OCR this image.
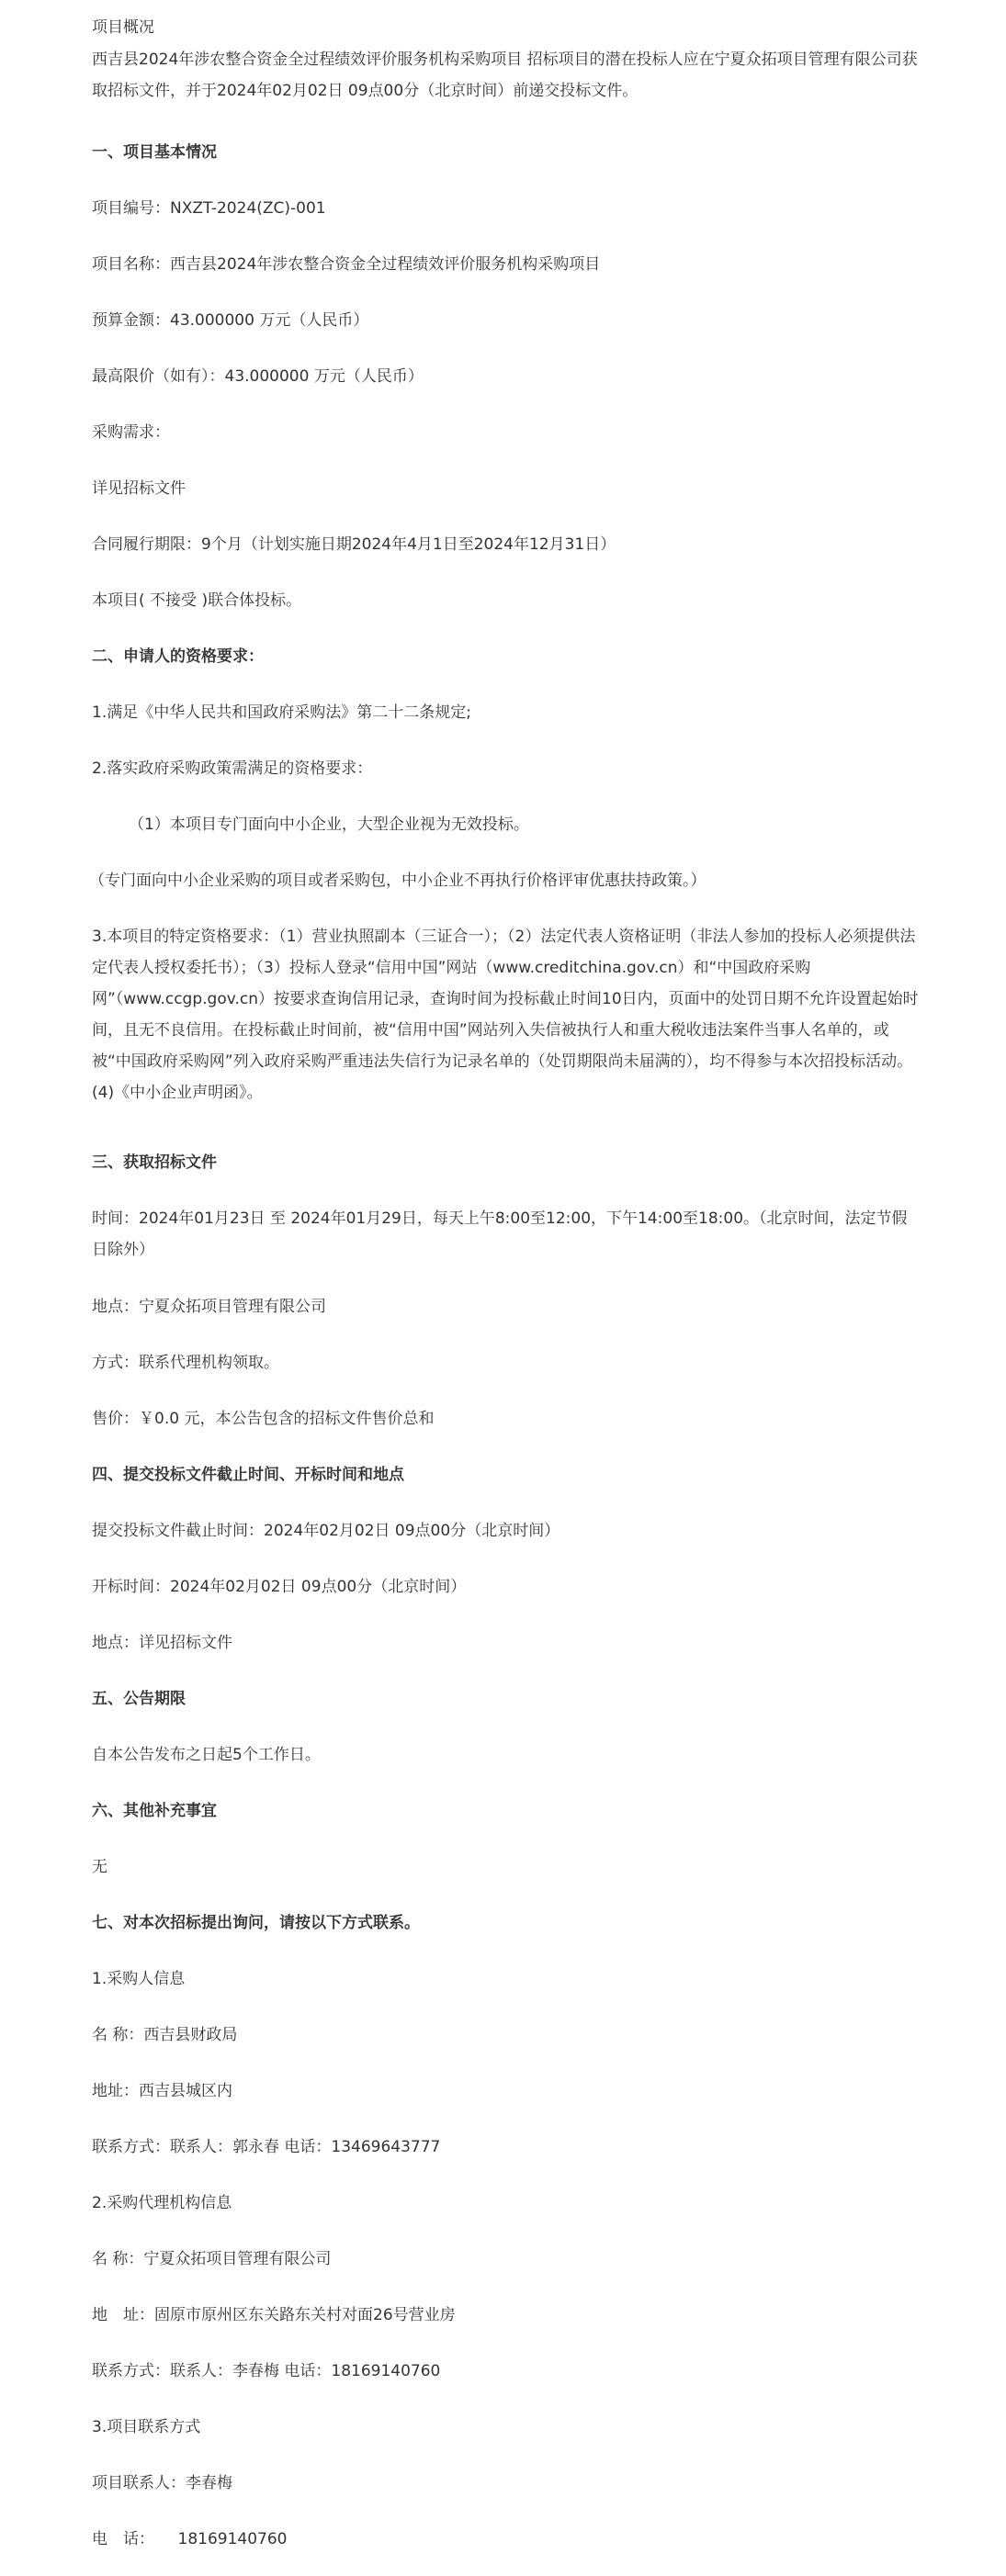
项目概况
西吉县2024年涉农整合资金全过程绩效评价服务机构采购项目 招标项目的潜在投标人应在宁夏众拓项目管理有限公司获取招标文件，并于2024年02月02日 09点00分（北京时间）前递交投标文件。
一、项目基本情况
项目编号：NXZT-2024(ZC)-001
项目名称：西吉县2024年涉农整合资金全过程绩效评价服务机构采购项目
预算金额：43.000000 万元（人民币）
最高限价（如有）：43.000000 万元（人民币）
采购需求：
详见招标文件
合同履行期限：9个月（计划实施日期2024年4月1日至2024年12月31日）
本项目( 不接受 )联合体投标。
二、申请人的资格要求：
1.满足《中华人民共和国政府采购法》第二十二条规定;
2.落实政府采购政策需满足的资格要求：
（1）本项目专门面向中小企业，大型企业视为无效投标。
（专门面向中小企业采购的项目或者采购包，中小企业不再执行价格评审优惠扶持政策。）
3.本项目的特定资格要求：（1）营业执照副本（三证合一）；（2）法定代表人资格证明（非法人参加的投标人必须提供法定代表人授权委托书）；（3）投标人登录“信用中国”网站（www.creditchina.gov.cn）和“中国政府采购网”（www.ccgp.gov.cn）按要求查询信用记录，查询时间为投标截止时间10日内，页面中的处罚日期不允许设置起始时间，且无不良信用。在投标截止时间前，被“信用中国”网站列入失信被执行人和重大税收违法案件当事人名单的，或被“中国政府采购网”列入政府采购严重违法失信行为记录名单的（处罚期限尚未届满的），均不得参与本次招投标活动。(4)《中小企业声明函》。
三、获取招标文件
时间：2024年01月23日 至 2024年01月29日，每天上午8:00至12:00，下午14:00至18:00。（北京时间，法定节假日除外）
地点：宁夏众拓项目管理有限公司
方式：联系代理机构领取。
售价：￥0.0 元，本公告包含的招标文件售价总和
四、提交投标文件截止时间、开标时间和地点
提交投标文件截止时间：2024年02月02日 09点00分（北京时间）
开标时间：2024年02月02日 09点00分（北京时间）
地点：详见招标文件
五、公告期限
自本公告发布之日起5个工作日。
六、其他补充事宜
无
七、对本次招标提出询问，请按以下方式联系。
1.采购人信息
名 称：西吉县财政局
地址：西吉县城区内
联系方式：联系人：郭永春 电话：13469643777
2.采购代理机构信息
名 称：宁夏众拓项目管理有限公司
地　址：固原市原州区东关路东关村对面26号营业房
联系方式：联系人：李春梅 电话：18169140760
3.项目联系方式
项目联系人：李春梅
电　话：　　18169140760
